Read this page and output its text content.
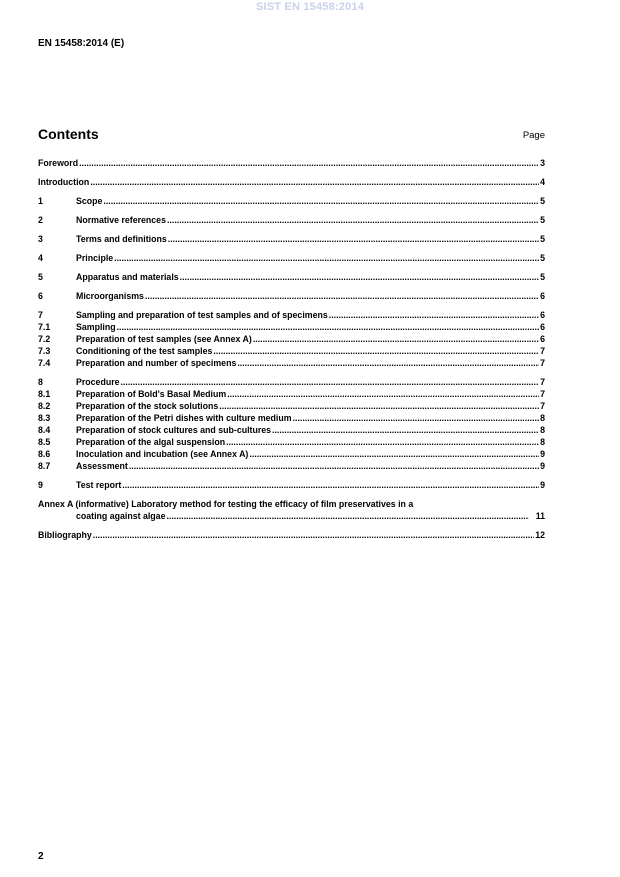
SIST EN 15458:2014
EN 15458:2014 (E)
Contents	Page
Foreword .....	3
Introduction .....	4
1	Scope .....	5
2	Normative references .....	5
3	Terms and definitions .....	5
4	Principle .....	5
5	Apparatus and materials .....	5
6	Microorganisms .....	6
7	Sampling and preparation of test samples and of specimens .....	6
7.1	Sampling .....	6
7.2	Preparation of test samples (see Annex A) .....	6
7.3	Conditioning of the test samples .....	7
7.4	Preparation and number of specimens .....	7
8	Procedure .....	7
8.1	Preparation of Bold's Basal Medium .....	7
8.2	Preparation of the stock solutions .....	7
8.3	Preparation of the Petri dishes with culture medium .....	8
8.4	Preparation of stock cultures and sub-cultures .....	8
8.5	Preparation of the algal suspension .....	8
8.6	Inoculation and incubation (see Annex A) .....	9
8.7	Assessment .....	9
9	Test report .....	9
Annex A (informative) Laboratory method for testing the efficacy of film preservatives in a
coating against algae .....	11
Bibliography .....	12
2
